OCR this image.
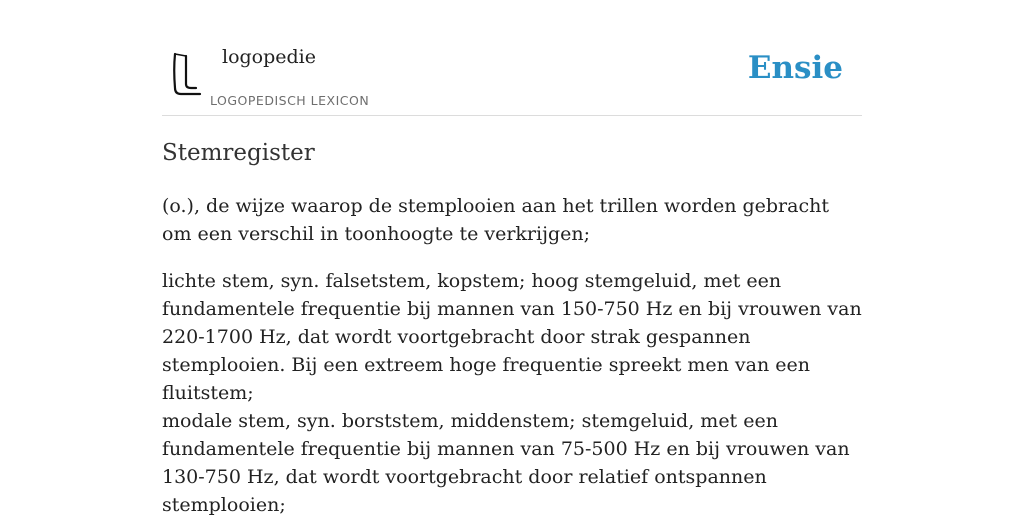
logopedie
LOGOPEDISCH LEXICON
Ensie
Stemregister

(o.), de wijze waarop de stemplooien aan het trillen worden gebracht om een verschil in toonhoogte te verkrijgen;

lichte stem, syn. falsetstem, kopstem; hoog stemgeluid, met een fundamentele frequentie bij mannen van 150-750 Hz en bij vrouwen van 220-1700 Hz, dat wordt voortgebracht door strak gespannen stemplooien. Bij een extreem hoge frequentie spreekt men van een fluitstem;

modale stem, syn. borststem, middenstem; stemgeluid, met een fundamentele frequentie bij mannen van 75-500 Hz en bij vrouwen van 130-750 Hz, dat wordt voortgebracht door relatief ontspannen stemplooien;
